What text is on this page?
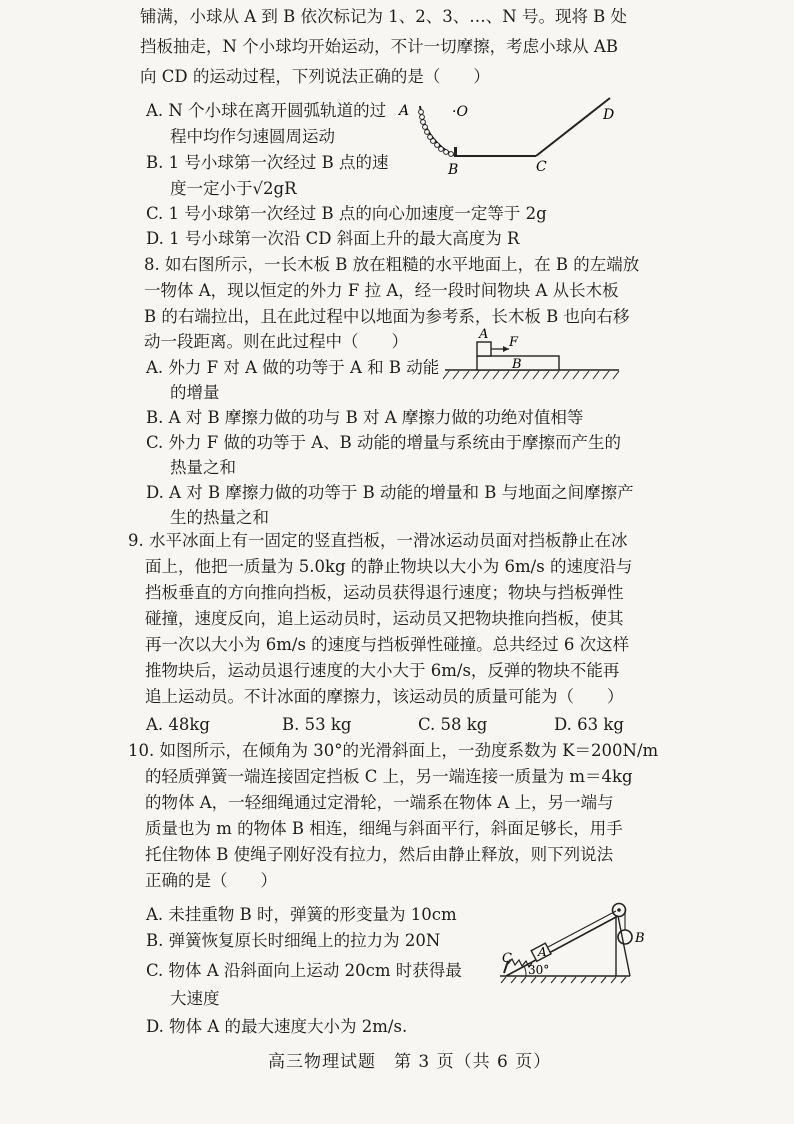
铺满，小球从 A 到 B 依次标记为 1、2、3、…、N 号。现将 B 处
挡板抽走，N 个小球均开始运动，不计一切摩擦，考虑小球从 AB
向 CD 的运动过程，下列说法正确的是（　　）
A. N 个小球在离开圆弧轨道的过
程中均作匀速圆周运动
B. 1 号小球第一次经过 B 点的速
度一定小于√2gR
C. 1 号小球第一次经过 B 点的向心加速度一定等于 2g
D. 1 号小球第一次沿 CD 斜面上升的最大高度为 R
A	·O
B	C
D
8. 如右图所示，一长木板 B 放在粗糙的水平地面上，在 B 的左端放
一物体 A，现以恒定的外力 F 拉 A，经一段时间物块 A 从长木板
B 的右端拉出，且在此过程中以地面为参考系，长木板 B 也向右移
动一段距离。则在此过程中（　　）
A. 外力 F 对 A 做的功等于 A 和 B 动能
的增量
B. A 对 B 摩擦力做的功与 B 对 A 摩擦力做的功绝对值相等
C. 外力 F 做的功等于 A、B 动能的增量与系统由于摩擦而产生的
热量之和
D. A 对 B 摩擦力做的功等于 B 动能的增量和 B 与地面之间摩擦产
生的热量之和
A
F
B
9. 水平冰面上有一固定的竖直挡板，一滑冰运动员面对挡板静止在冰
面上，他把一质量为 5.0kg 的静止物块以大小为 6m/s 的速度沿与
挡板垂直的方向推向挡板，运动员获得退行速度；物块与挡板弹性
碰撞，速度反向，追上运动员时，运动员又把物块推向挡板，使其
再一次以大小为 6m/s 的速度与挡板弹性碰撞。总共经过 6 次这样
推物块后，运动员退行速度的大小大于 6m/s，反弹的物块不能再
追上运动员。不计冰面的摩擦力，该运动员的质量可能为（　　）
A. 48kg	B. 53 kg	C. 58 kg	D. 63 kg
10. 如图所示，在倾角为 30°的光滑斜面上，一劲度系数为 K＝200N/m
的轻质弹簧一端连接固定挡板 C 上，另一端连接一质量为 m＝4kg
的物体 A，一轻细绳通过定滑轮，一端系在物体 A 上，另一端与
质量也为 m 的物体 B 相连，细绳与斜面平行，斜面足够长，用手
托住物体 B 使绳子刚好没有拉力，然后由静止释放，则下列说法
正确的是（　　）
A. 未挂重物 B 时，弹簧的形变量为 10cm
B. 弹簧恢复原长时细绳上的拉力为 20N
C. 物体 A 沿斜面向上运动 20cm 时获得最
大速度
D. 物体 A 的最大速度大小为 2m/s.
C A
B
30°
高三物理试题　第 3 页（共 6 页）
